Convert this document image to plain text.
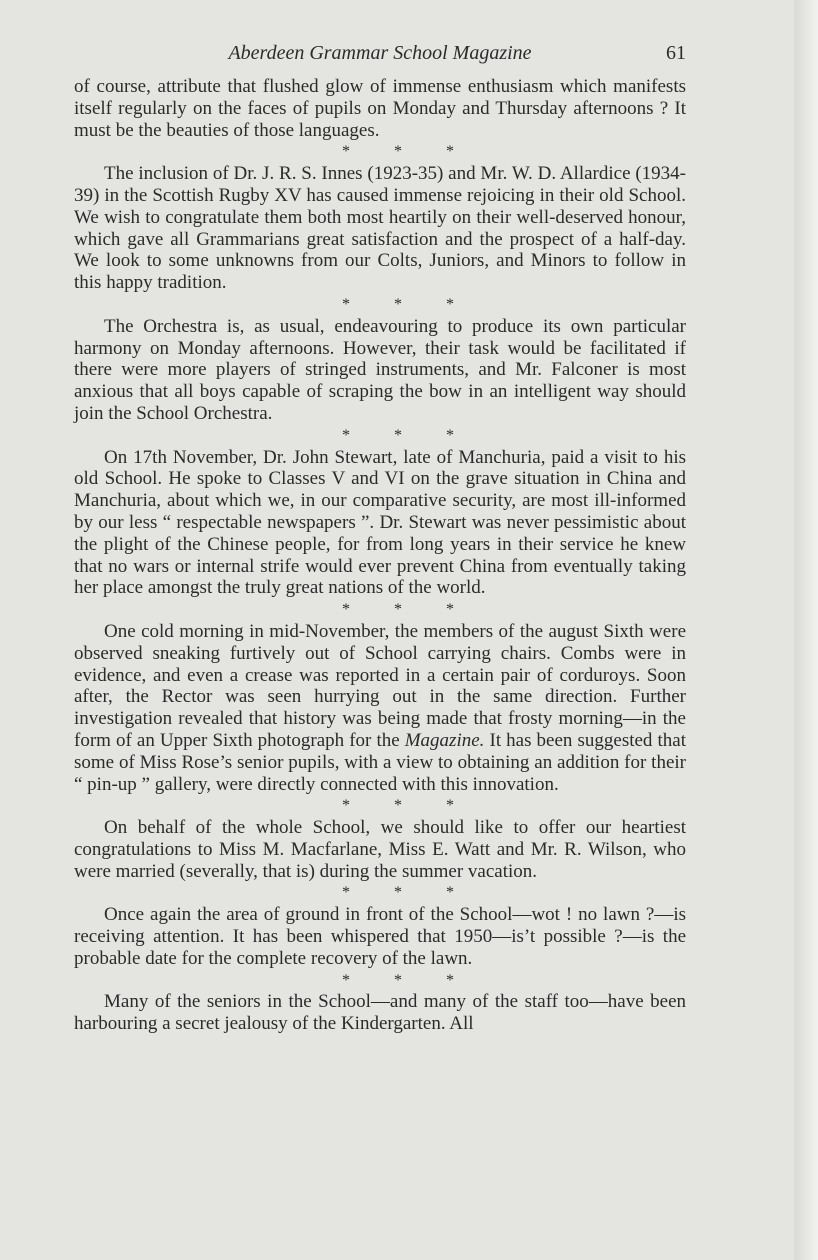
Aberdeen Grammar School Magazine	61

of course, attribute that flushed glow of immense enthusiasm which manifests itself regularly on the faces of pupils on Monday and Thursday afternoons ? It must be the beauties of those languages.

* * *

The inclusion of Dr. J. R. S. Innes (1923-35) and Mr. W. D. Allardice (1934-39) in the Scottish Rugby XV has caused immense rejoicing in their old School. We wish to congratulate them both most heartily on their well-deserved honour, which gave all Grammarians great satisfaction and the prospect of a half-day. We look to some unknowns from our Colts, Juniors, and Minors to follow in this happy tradition.

* * *

The Orchestra is, as usual, endeavouring to produce its own particular harmony on Monday afternoons. However, their task would be facilitated if there were more players of stringed instruments, and Mr. Falconer is most anxious that all boys capable of scraping the bow in an intelligent way should join the School Orchestra.

* * *

On 17th November, Dr. John Stewart, late of Manchuria, paid a visit to his old School. He spoke to Classes V and VI on the grave situation in China and Manchuria, about which we, in our comparative security, are most ill-informed by our less “ respectable newspapers ”. Dr. Stewart was never pessimistic about the plight of the Chinese people, for from long years in their service he knew that no wars or internal strife would ever prevent China from eventually taking her place amongst the truly great nations of the world.

* * *

One cold morning in mid-November, the members of the august Sixth were observed sneaking furtively out of School carrying chairs. Combs were in evidence, and even a crease was reported in a certain pair of corduroys. Soon after, the Rector was seen hurrying out in the same direction. Further investigation revealed that history was being made that frosty morning—in the form of an Upper Sixth photograph for the Magazine. It has been suggested that some of Miss Rose’s senior pupils, with a view to obtaining an addition for their “ pin-up ” gallery, were directly connected with this innovation.

* * *

On behalf of the whole School, we should like to offer our heartiest congratulations to Miss M. Macfarlane, Miss E. Watt and Mr. R. Wilson, who were married (severally, that is) during the summer vacation.

* * *

Once again the area of ground in front of the School—wot ! no lawn ?—is receiving attention. It has been whispered that 1950—is’t possible ?—is the probable date for the complete recovery of the lawn.

* * *

Many of the seniors in the School—and many of the staff too—have been harbouring a secret jealousy of the Kindergarten. All
